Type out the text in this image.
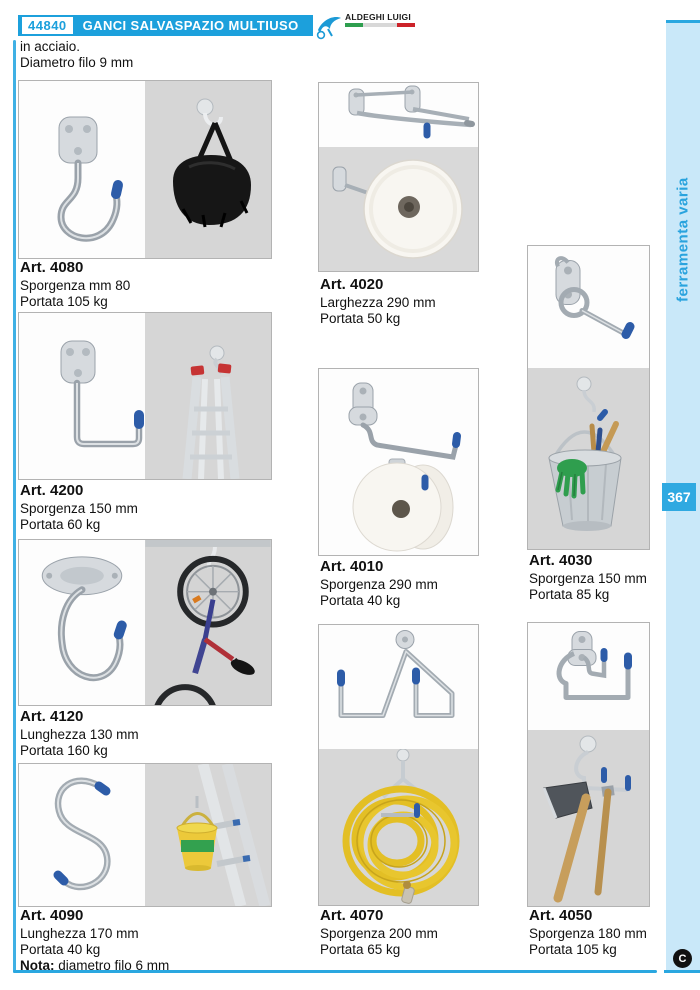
44840	GANCI SALVASPAZIO MULTIUSO
ALDEGHI LUIGI
in acciaio.
Diametro filo 9 mm
Art. 4080
Sporgenza mm 80
Portata 105 kg
Art. 4200
Sporgenza 150 mm
Portata 60 kg
Art. 4120
Lunghezza 130 mm
Portata 160 kg
Art. 4090
Lunghezza 170 mm
Portata 40 kg
Nota: diametro filo 6 mm
Art. 4020
Larghezza 290 mm
Portata 50 kg
Art. 4010
Sporgenza 290 mm
Portata 40 kg
Art. 4070
Sporgenza 200 mm
Portata 65 kg
Art. 4030
Sporgenza 150 mm
Portata 85 kg
Art. 4050
Sporgenza 180 mm
Portata 105 kg
ferramenta varia
367
C
